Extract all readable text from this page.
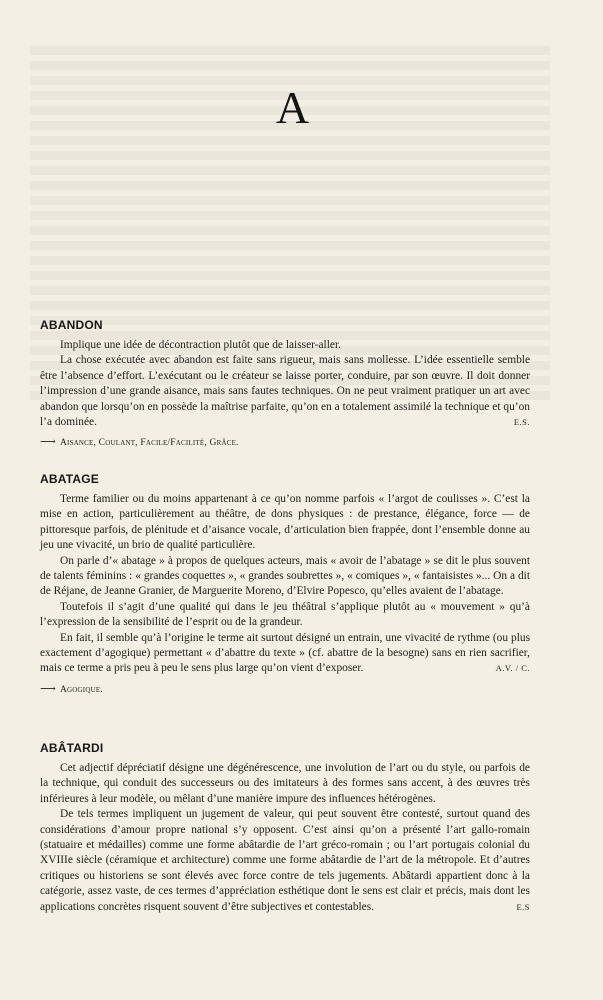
A
ABANDON

Implique une idée de décontraction plutôt que de laisser-aller.

La chose exécutée avec abandon est faite sans rigueur, mais sans mollesse. L’idée essentielle semble être l’absence d’effort. L’exécutant ou le créateur se laisse porter, conduire, par son œuvre. Il doit donner l’impression d’une grande aisance, mais sans fautes techniques. On ne peut vraiment pratiquer un art avec abandon que lorsqu’on en possède la maîtrise parfaite, qu’on en a totalement assimilé la technique et qu’on l’a dominée.	E.S.

⟶ Aisance, Coulant, Facile/Facilité, Grâce.
ABATAGE

Terme familier ou du moins appartenant à ce qu’on nomme parfois « l’argot de coulisses ». C’est la mise en action, particulièrement au théâtre, de dons physiques : de prestance, élégance, force — de pittoresque parfois, de plénitude et d’aisance vocale, d’articulation bien frappée, dont l’ensemble donne au jeu une vivacité, un brio de qualité particulière.

On parle d’« abatage » à propos de quelques acteurs, mais « avoir de l’abatage » se dit le plus souvent de talents féminins : « grandes coquettes », « grandes soubrettes », « comiques », « fantaisistes »... On a dit de Réjane, de Jeanne Granier, de Marguerite Moreno, d’Elvire Popesco, qu’elles avaient de l’abatage.

Toutefois il s’agit d’une qualité qui dans le jeu théâtral s’applique plutôt au « mouvement » qu’à l’expression de la sensibilité de l’esprit ou de la grandeur.

En fait, il semble qu’à l’origine le terme ait surtout désigné un entrain, une vivacité de rythme (ou plus exactement d’agogique) permettant « d’abattre du texte » (cf. abattre de la besogne) sans en rien sacrifier, mais ce terme a pris peu à peu le sens plus large qu’on vient d’exposer.	A.V. / C.

⟶ Agogique.
ABÂTARDI

Cet adjectif dépréciatif désigne une dégénérescence, une involution de l’art ou du style, ou parfois de la technique, qui conduit des successeurs ou des imitateurs à des formes sans accent, à des œuvres très inférieures à leur modèle, ou mêlant d’une manière impure des influences hétérogènes.

De tels termes impliquent un jugement de valeur, qui peut souvent être contesté, surtout quand des considérations d’amour propre national s’y opposent. C’est ainsi qu’on a présenté l’art gallo-romain (statuaire et médailles) comme une forme abâtardie de l’art gréco-romain ; ou l’art portugais colonial du XVIIIe siècle (céramique et architecture) comme une forme abâtardie de l’art de la métropole. Et d’autres critiques ou historiens se sont élevés avec force contre de tels jugements. Abâtardi appartient donc à la catégorie, assez vaste, de ces termes d’appréciation esthétique dont le sens est clair et précis, mais dont les applications concrètes risquent souvent d’être subjectives et contestables.	E.S
